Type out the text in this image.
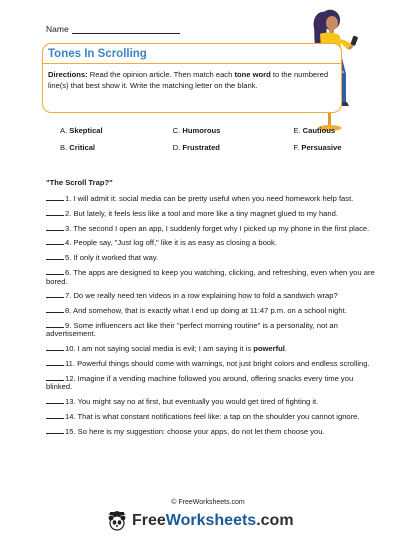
Name
Tones In Scrolling
Directions: Read the opinion article. Then match each tone word to the numbered line(s) that best show it. Write the matching letter on the blank.
A. Skeptical	C. Humorous	E. Cautious
B. Critical	D. Frustrated	F. Persuasive
"The Scroll Trap?"
1. I will admit it: social media can be pretty useful when you need homework help fast.
2. But lately, it feels less like a tool and more like a tiny magnet glued to my hand.
3. The second I open an app, I suddenly forget why I picked up my phone in the first place.
4. People say, "Just log off," like it is as easy as closing a book.
5. If only it worked that way.
6. The apps are designed to keep you watching, clicking, and refreshing, even when you are bored.
7. Do we really need ten videos in a row explaining how to fold a sandwich wrap?
8. And somehow, that is exactly what I end up doing at 11:47 p.m. on a school night.
9. Some influencers act like their "perfect morning routine" is a personality, not an advertisement.
10. I am not saying social media is evil; I am saying it is powerful.
11. Powerful things should come with warnings, not just bright colors and endless scrolling.
12. Imagine if a vending machine followed you around, offering snacks every time you blinked.
13. You might say no at first, but eventually you would get tired of fighting it.
14. That is what constant notifications feel like: a tap on the shoulder you cannot ignore.
15. So here is my suggestion: choose your apps, do not let them choose you.
© FreeWorksheets.com
FreeWorksheets.com
